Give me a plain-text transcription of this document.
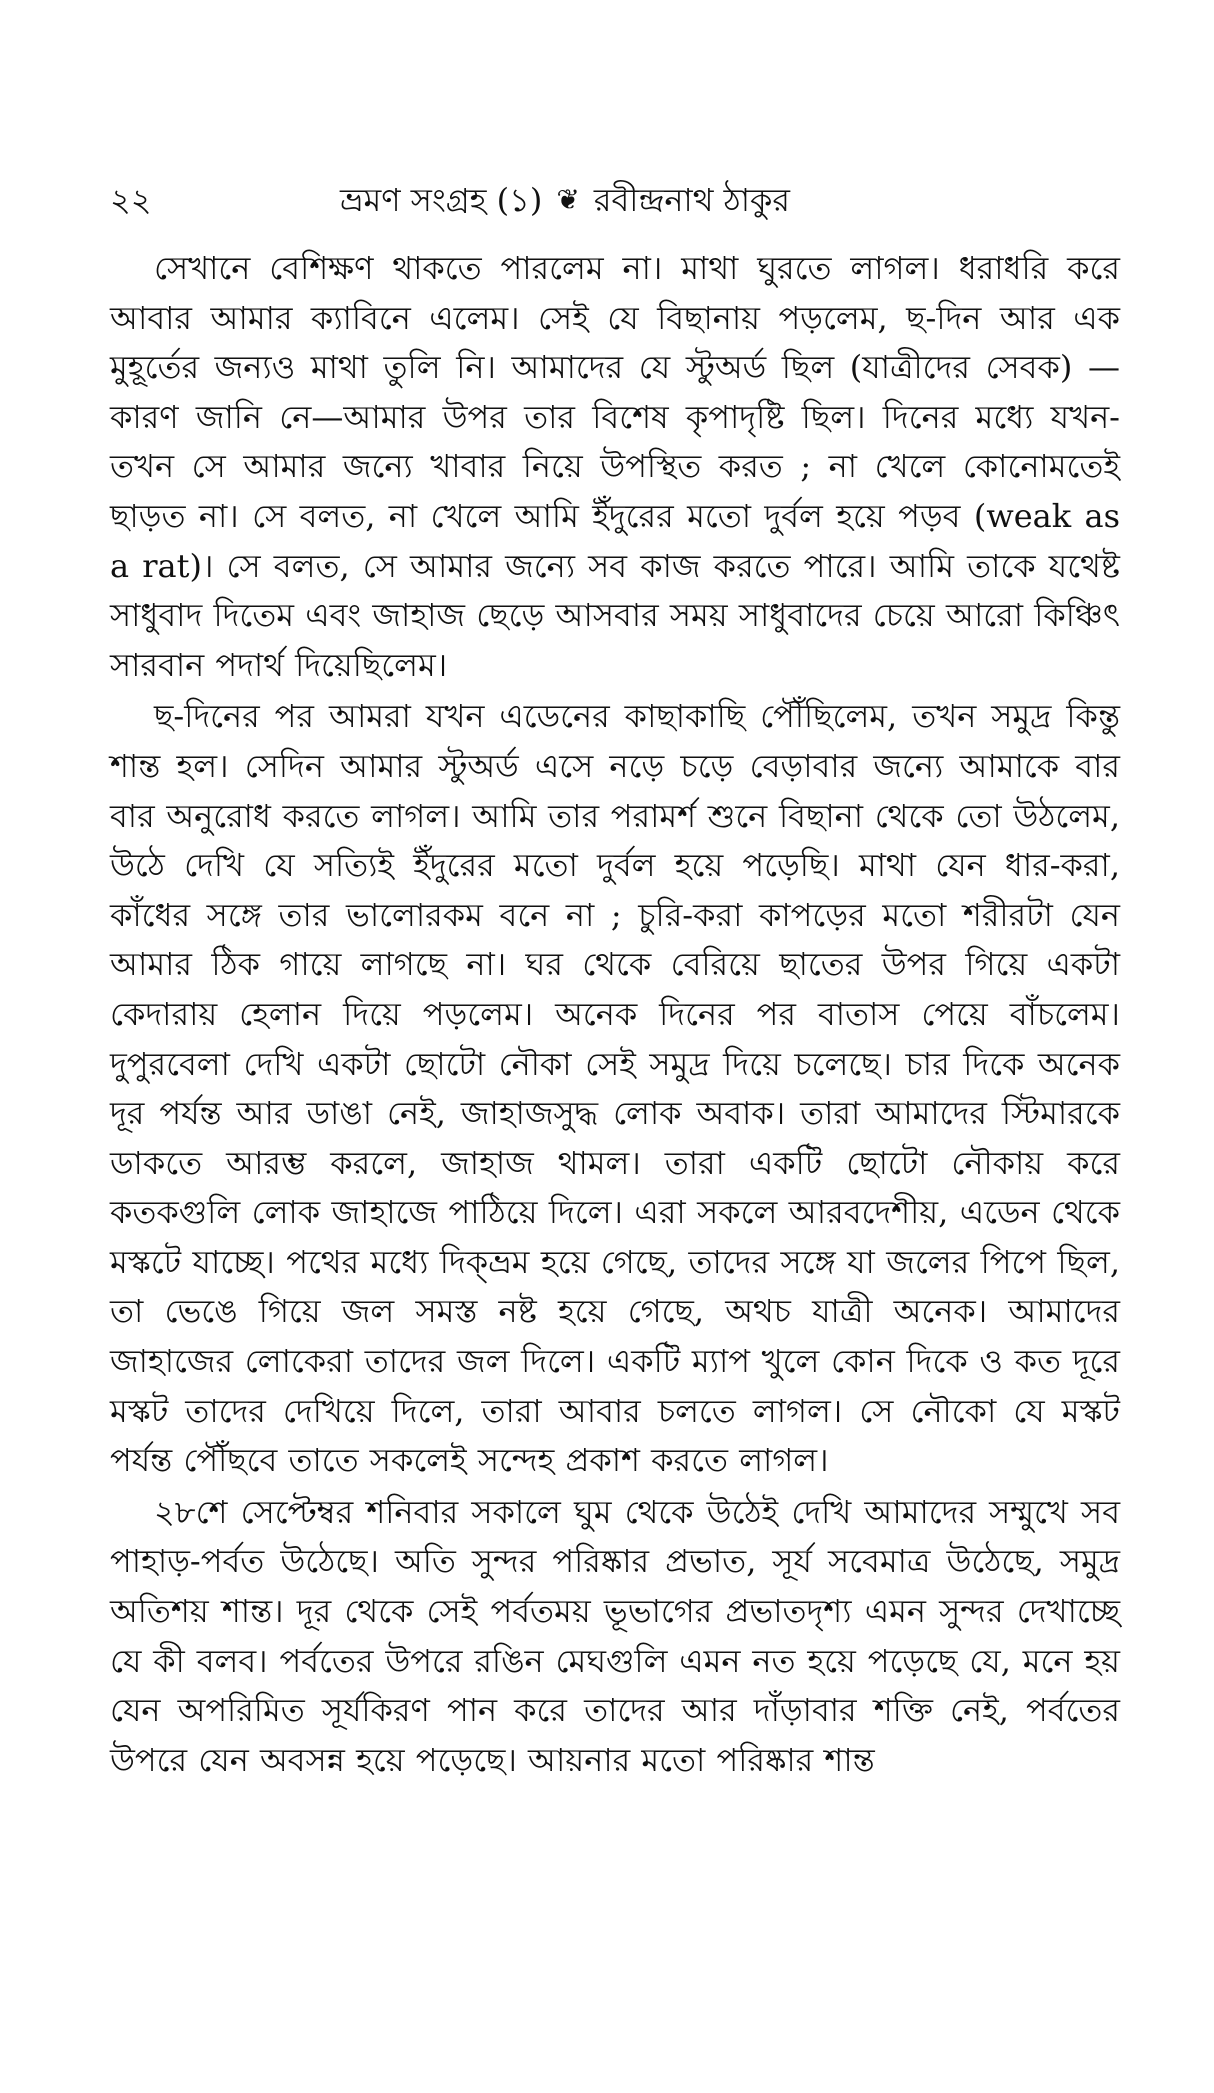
২২	ভ্রমণ সংগ্রহ (১) ❦ রবীন্দ্রনাথ ঠাকুর

সেখানে বেশিক্ষণ থাকতে পারলেম না। মাথা ঘুরতে লাগল। ধরাধরি করে আবার আমার ক্যাবিনে এলেম। সেই যে বিছানায় পড়লেম, ছ-দিন আর এক মুহূর্তের জন্যও মাথা তুলি নি। আমাদের যে স্টুঅর্ড ছিল (যাত্রীদের সেবক) —কারণ জানি নে—আমার উপর তার বিশেষ কৃপাদৃষ্টি ছিল। দিনের মধ্যে যখন-তখন সে আমার জন্যে খাবার নিয়ে উপস্থিত করত ; না খেলে কোনোমতেই ছাড়ত না। সে বলত, না খেলে আমি ইঁদুরের মতো দুর্বল হয়ে পড়ব (weak as a rat)। সে বলত, সে আমার জন্যে সব কাজ করতে পারে। আমি তাকে যথেষ্ট সাধুবাদ দিতেম এবং জাহাজ ছেড়ে আসবার সময় সাধুবাদের চেয়ে আরো কিঞ্চিৎ সারবান পদার্থ দিয়েছিলেম।

ছ-দিনের পর আমরা যখন এডেনের কাছাকাছি পৌঁছিলেম, তখন সমুদ্র কিন্তু শান্ত হল। সেদিন আমার স্টুঅর্ড এসে নড়ে চড়ে বেড়াবার জন্যে আমাকে বার বার অনুরোধ করতে লাগল। আমি তার পরামর্শ শুনে বিছানা থেকে তো উঠলেম, উঠে দেখি যে সত্যিই ইঁদুরের মতো দুর্বল হয়ে পড়েছি। মাথা যেন ধার-করা, কাঁধের সঙ্গে তার ভালোরকম বনে না ; চুরি-করা কাপড়ের মতো শরীরটা যেন আমার ঠিক গায়ে লাগছে না। ঘর থেকে বেরিয়ে ছাতের উপর গিয়ে একটা কেদারায় হেলান দিয়ে পড়লেম। অনেক দিনের পর বাতাস পেয়ে বাঁচলেম। দুপুরবেলা দেখি একটা ছোটো নৌকা সেই সমুদ্র দিয়ে চলেছে। চার দিকে অনেক দূর পর্যন্ত আর ডাঙা নেই, জাহাজসুদ্ধ লোক অবাক। তারা আমাদের স্টিমারকে ডাকতে আরম্ভ করলে, জাহাজ থামল। তারা একটি ছোটো নৌকায় করে কতকগুলি লোক জাহাজে পাঠিয়ে দিলে। এরা সকলে আরবদেশীয়, এডেন থেকে মস্কটে যাচ্ছে। পথের মধ্যে দিক্‌ভ্রম হয়ে গেছে, তাদের সঙ্গে যা জলের পিপে ছিল, তা ভেঙে গিয়ে জল সমস্ত নষ্ট হয়ে গেছে, অথচ যাত্রী অনেক। আমাদের জাহাজের লোকেরা তাদের জল দিলে। একটি ম্যাপ খুলে কোন দিকে ও কত দূরে মস্কট তাদের দেখিয়ে দিলে, তারা আবার চলতে লাগল। সে নৌকো যে মস্কট পর্যন্ত পৌঁছবে তাতে সকলেই সন্দেহ প্রকাশ করতে লাগল।

২৮শে সেপ্টেম্বর শনিবার সকালে ঘুম থেকে উঠেই দেখি আমাদের সম্মুখে সব পাহাড়-পর্বত উঠেছে। অতি সুন্দর পরিষ্কার প্রভাত, সূর্য সবেমাত্র উঠেছে, সমুদ্র অতিশয় শান্ত। দূর থেকে সেই পর্বতময় ভূভাগের প্রভাতদৃশ্য এমন সুন্দর দেখাচ্ছে যে কী বলব। পর্বতের উপরে রঙিন মেঘগুলি এমন নত হয়ে পড়েছে যে, মনে হয় যেন অপরিমিত সূর্যকিরণ পান করে তাদের আর দাঁড়াবার শক্তি নেই, পর্বতের উপরে যেন অবসন্ন হয়ে পড়েছে। আয়নার মতো পরিষ্কার শান্ত
